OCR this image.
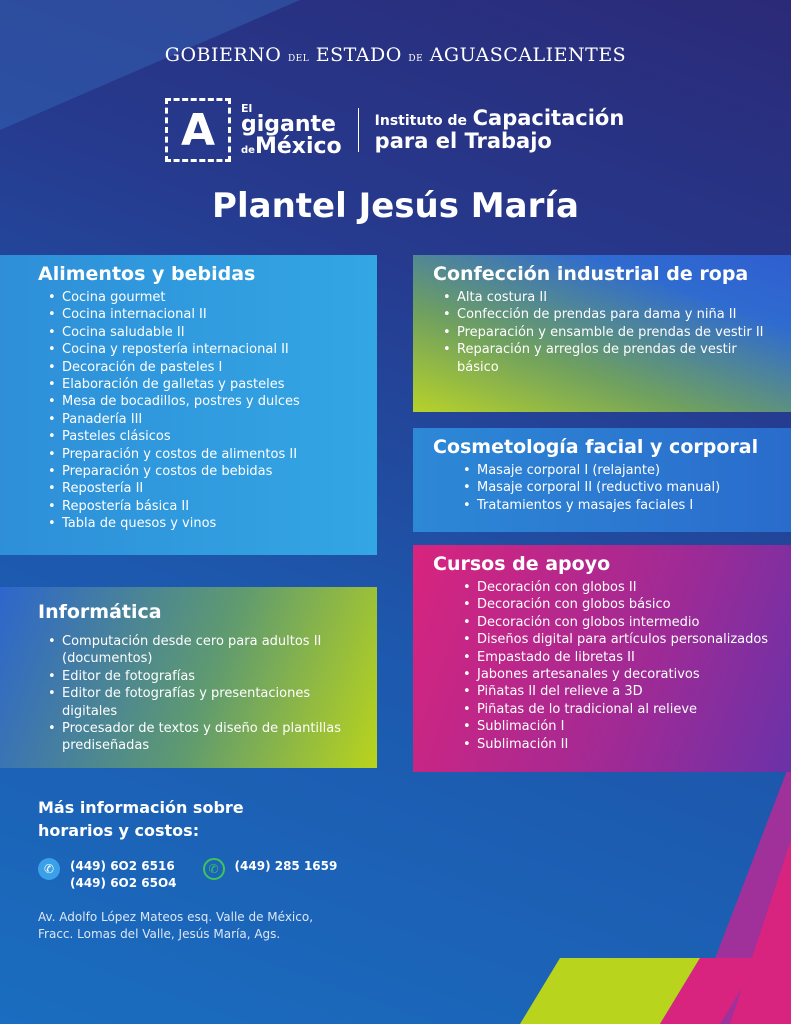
GOBIERNO DEL ESTADO DE AGUASCALIENTES
A	El
gigante
deMéxico
Instituto de Capacitación
para el Trabajo
Plantel Jesús María
Alimentos y bebidas
• Cocina gourmet
• Cocina internacional II
• Cocina saludable II
• Cocina y repostería internacional II
• Decoración de pasteles I
• Elaboración de galletas y pasteles
• Mesa de bocadillos, postres y dulces
• Panadería III
• Pasteles clásicos
• Preparación y costos de alimentos II
• Preparación y costos de bebidas
• Repostería II
• Repostería básica II
• Tabla de quesos y vinos
Confección industrial de ropa
• Alta costura II
• Confección de prendas para dama y niña II
• Preparación y ensamble de prendas de vestir II
• Reparación y arreglos de prendas de vestir básico
Cosmetología facial y corporal
• Masaje corporal I (relajante)
• Masaje corporal II (reductivo manual)
• Tratamientos y masajes faciales I
Cursos de apoyo
• Decoración con globos II
• Decoración con globos básico
• Decoración con globos intermedio
• Diseños digital para artículos personalizados
• Empastado de libretas II
• Jabones artesanales y decorativos
• Piñatas II del relieve a 3D
• Piñatas de lo tradicional al relieve
• Sublimación I
• Sublimación II
Informática
• Computación desde cero para adultos II (documentos)
• Editor de fotografías
• Editor de fotografías y presentaciones digitales
• Procesador de textos y diseño de plantillas prediseñadas
Más información sobre
horarios y costos:
✆	(449) 6O2 6516
(449) 6O2 65O4
✆	(449) 285 1659
Av. Adolfo López Mateos esq. Valle de México,
Fracc. Lomas del Valle, Jesús María, Ags.
